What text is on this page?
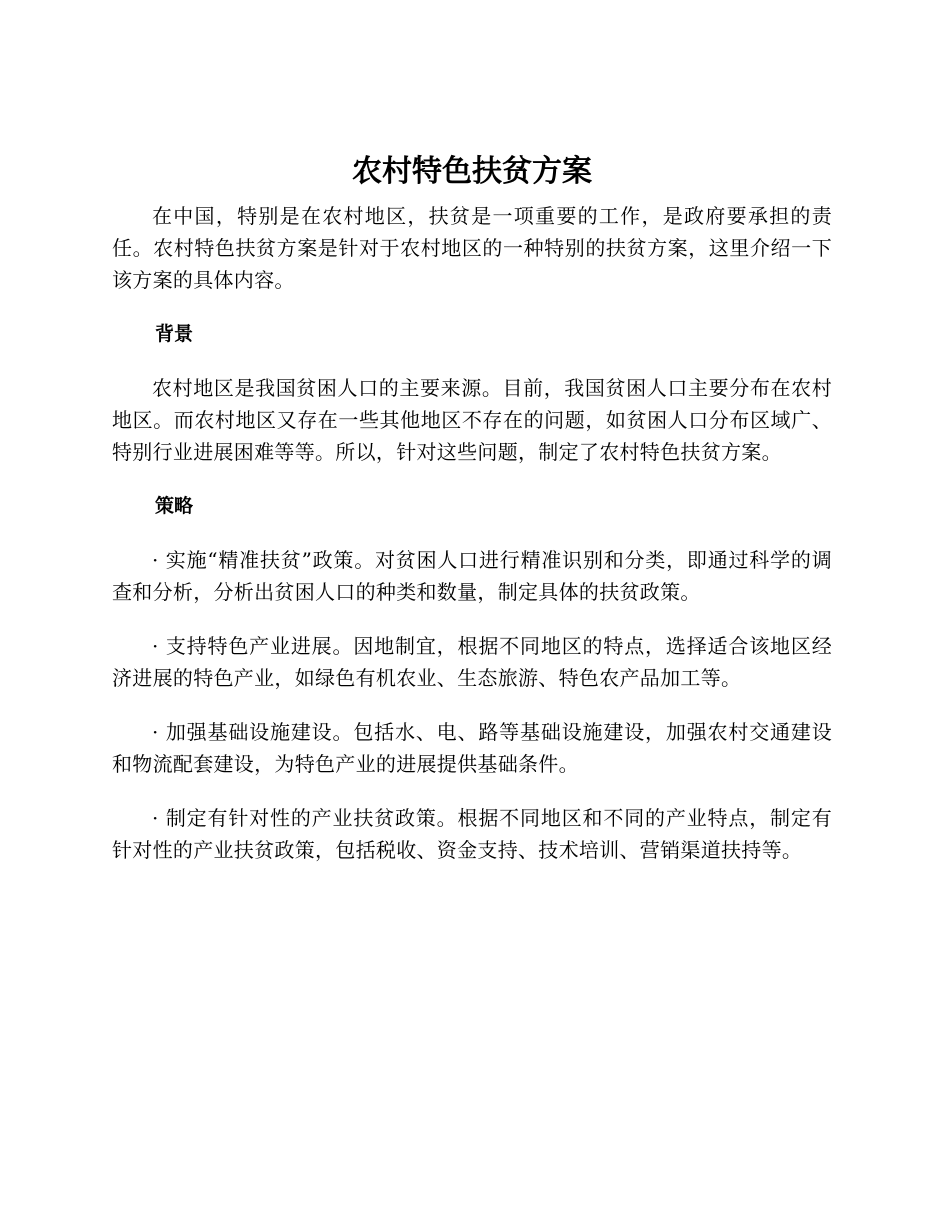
农村特色扶贫方案

在中国，特别是在农村地区，扶贫是一项重要的工作，是政府要承担的责任。农村特色扶贫方案是针对于农村地区的一种特别的扶贫方案，这里介绍一下该方案的具体内容。

背景

农村地区是我国贫困人口的主要来源。目前，我国贫困人口主要分布在农村地区。而农村地区又存在一些其他地区不存在的问题，如贫困人口分布区域广、特别行业进展困难等等。所以，针对这些问题，制定了农村特色扶贫方案。

策略

· 实施“精准扶贫”政策。对贫困人口进行精准识别和分类，即通过科学的调查和分析，分析出贫困人口的种类和数量，制定具体的扶贫政策。

· 支持特色产业进展。因地制宜，根据不同地区的特点，选择适合该地区经济进展的特色产业，如绿色有机农业、生态旅游、特色农产品加工等。

· 加强基础设施建设。包括水、电、路等基础设施建设，加强农村交通建设和物流配套建设，为特色产业的进展提供基础条件。

· 制定有针对性的产业扶贫政策。根据不同地区和不同的产业特点，制定有针对性的产业扶贫政策，包括税收、资金支持、技术培训、营销渠道扶持等。
